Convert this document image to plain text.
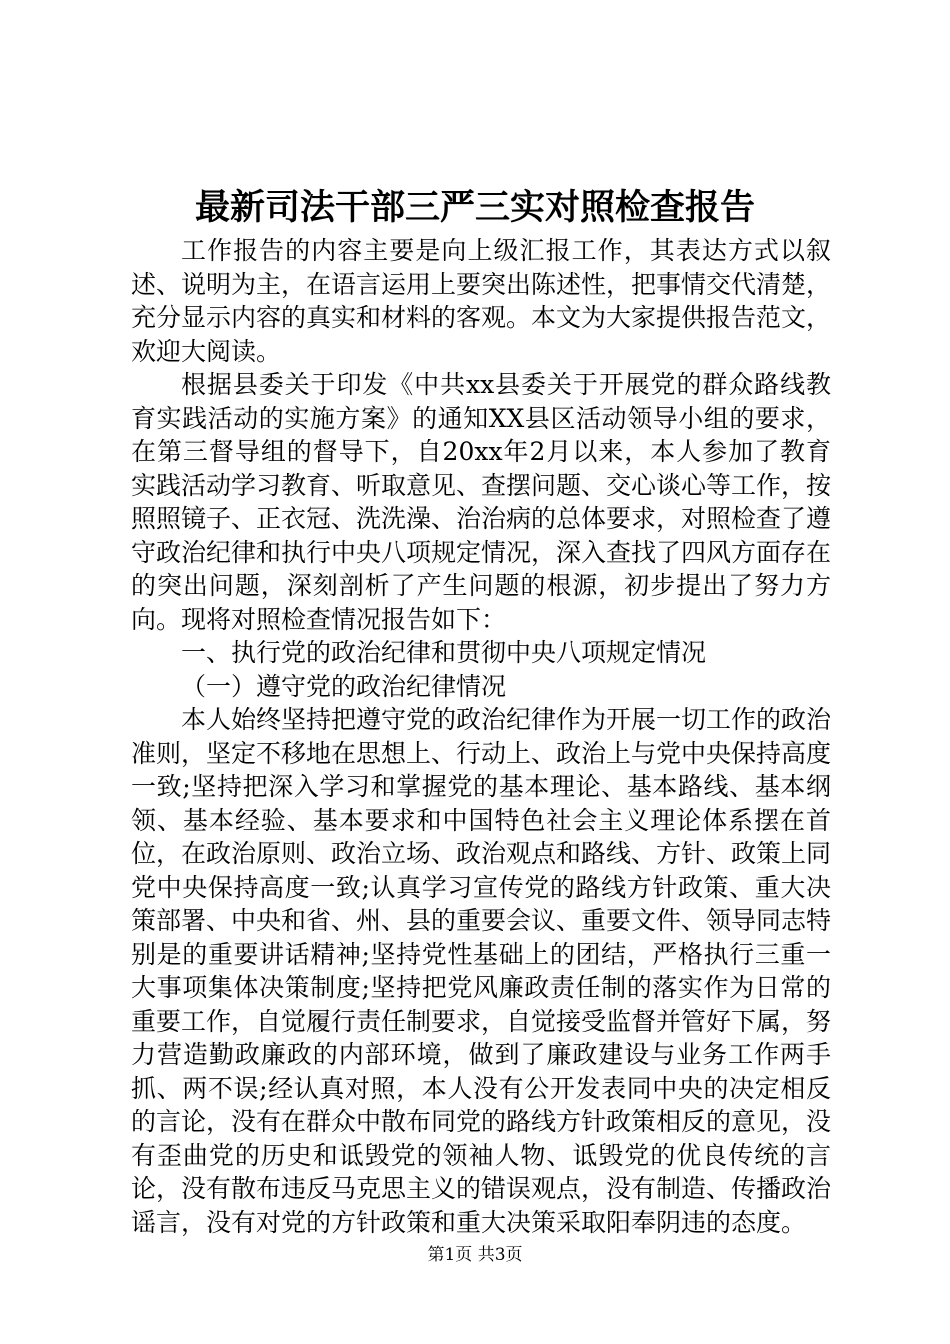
最新司法干部三严三实对照检查报告

工作报告的内容主要是向上级汇报工作，其表达方式以叙述、说明为主，在语言运用上要突出陈述性，把事情交代清楚，充分显示内容的真实和材料的客观。本文为大家提供报告范文，欢迎大阅读。

根据县委关于印发《中共xx县委关于开展党的群众路线教育实践活动的实施方案》的通知XX县区活动领导小组的要求，在第三督导组的督导下，自20xx年2月以来，本人参加了教育实践活动学习教育、听取意见、查摆问题、交心谈心等工作，按照照镜子、正衣冠、洗洗澡、治治病的总体要求，对照检查了遵守政治纪律和执行中央八项规定情况，深入查找了四风方面存在的突出问题，深刻剖析了产生问题的根源，初步提出了努力方向。现将对照检查情况报告如下：

一、执行党的政治纪律和贯彻中央八项规定情况

（一）遵守党的政治纪律情况

本人始终坚持把遵守党的政治纪律作为开展一切工作的政治准则，坚定不移地在思想上、行动上、政治上与党中央保持高度一致;坚持把深入学习和掌握党的基本理论、基本路线、基本纲领、基本经验、基本要求和中国特色社会主义理论体系摆在首位，在政治原则、政治立场、政治观点和路线、方针、政策上同党中央保持高度一致;认真学习宣传党的路线方针政策、重大决策部署、中央和省、州、县的重要会议、重要文件、领导同志特别是的重要讲话精神;坚持党性基础上的团结，严格执行三重一大事项集体决策制度;坚持把党风廉政责任制的落实作为日常的重要工作，自觉履行责任制要求，自觉接受监督并管好下属，努力营造勤政廉政的内部环境，做到了廉政建设与业务工作两手抓、两不误;经认真对照，本人没有公开发表同中央的决定相反的言论，没有在群众中散布同党的路线方针政策相反的意见，没有歪曲党的历史和诋毁党的领袖人物、诋毁党的优良传统的言论，没有散布违反马克思主义的错误观点，没有制造、传播政治谣言，没有对党的方针政策和重大决策采取阳奉阴违的态度。

第1页 共3页
